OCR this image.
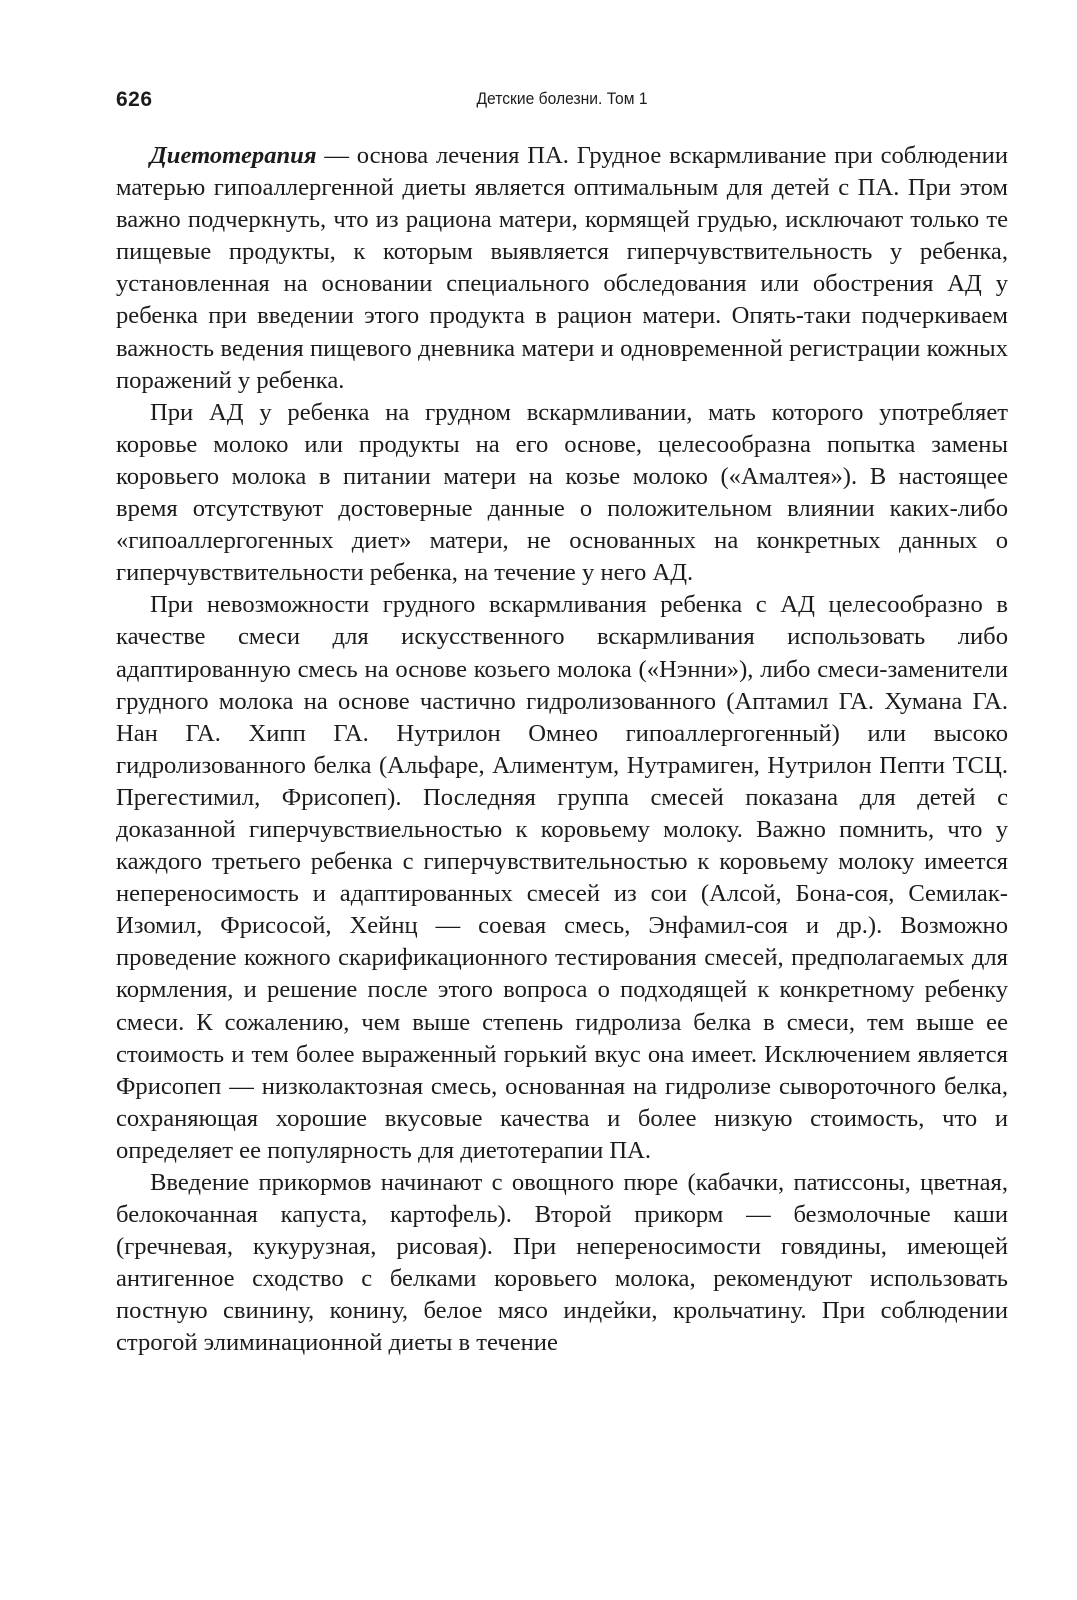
626	Детские болезни. Том 1

Диетотерапия — основа лечения ПА. Грудное вскармливание при соблюдении матерью гипоаллергенной диеты является оптимальным для детей с ПА. При этом важно подчеркнуть, что из рациона матери, кормящей грудью, исключают только те пищевые продукты, к которым выявляется гиперчувствительность у ребенка, установленная на основании специального обследования или обострения АД у ребенка при введении этого продукта в рацион матери. Опять-таки подчеркиваем важность ведения пищевого дневника матери и одновременной регистрации кожных поражений у ребенка.

При АД у ребенка на грудном вскармливании, мать которого употребляет коровье молоко или продукты на его основе, целесообразна попытка замены коровьего молока в питании матери на козье молоко («Амалтея»). В настоящее время отсутствуют достоверные данные о положительном влиянии каких-либо «гипоаллергогенных диет» матери, не основанных на конкретных данных о гиперчувствительности ребенка, на течение у него АД.

При невозможности грудного вскармливания ребенка с АД целесообразно в качестве смеси для искусственного вскармливания использовать либо адаптированную смесь на основе козьего молока («Нэнни»), либо смеси-заменители грудного молока на основе частично гидролизованного (Аптамил ГА. Хумана ГА. Нан ГА. Хипп ГА. Нутрилон Омнео гипоаллергогенный) или высоко гидролизованного белка (Альфаре, Алиментум, Нутрамиген, Нутрилон Пепти ТСЦ. Прегестимил, Фрисопеп). Последняя группа смесей показана для детей с доказанной гиперчувствиельностью к коровьему молоку. Важно помнить, что у каждого третьего ребенка с гиперчувствительностью к коровьему молоку имеется непереносимость и адаптированных смесей из сои (Алсой, Бона-соя, Семилак-Изомил, Фрисосой, Хейнц — соевая смесь, Энфамил-соя и др.). Возможно проведение кожного скарификационного тестирования смесей, предполагаемых для кормления, и решение после этого вопроса о подходящей к конкретному ребенку смеси. К сожалению, чем выше степень гидролиза белка в смеси, тем выше ее стоимость и тем более выраженный горький вкус она имеет. Исключением является Фрисопеп — низколактозная смесь, основанная на гидролизе сывороточного белка, сохраняющая хорошие вкусовые качества и более низкую стоимость, что и определяет ее популярность для диетотерапии ПА.

Введение прикормов начинают с овощного пюре (кабачки, патиссоны, цветная, белокочанная капуста, картофель). Второй прикорм — безмолочные каши (гречневая, кукурузная, рисовая). При непереносимости говядины, имеющей антигенное сходство с белками коровьего молока, рекомендуют использовать постную свинину, конину, белое мясо индейки, крольчатину. При соблюдении строгой элиминационной диеты в течение
